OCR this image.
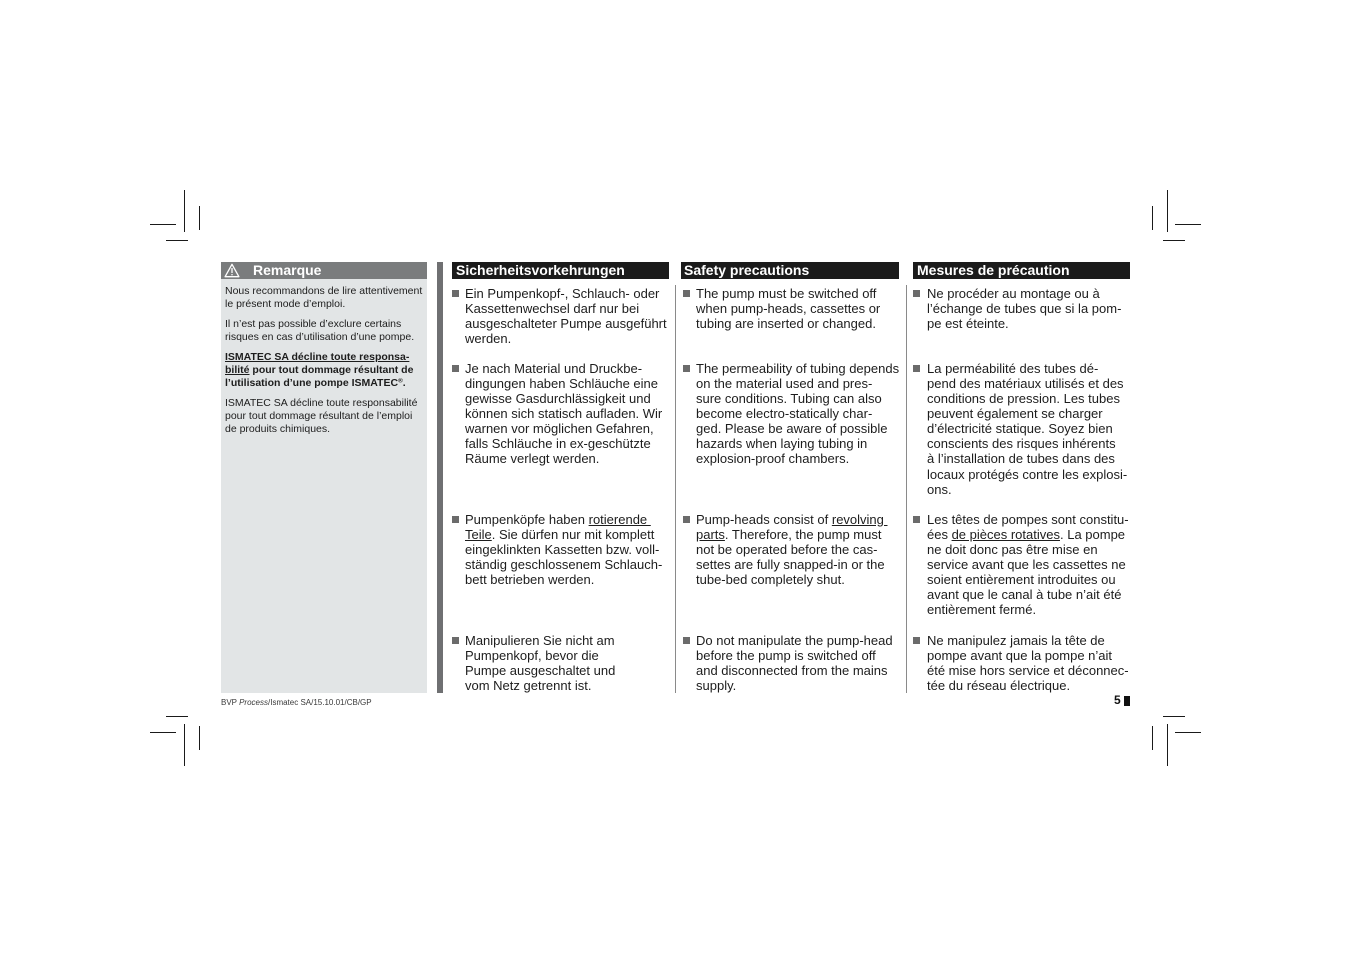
Remarque

Nous recommandons de lire attentivement
le présent mode d’emploi.

Il n’est pas possible d’exclure certains
risques en cas d’utilisation d’une pompe.

ISMATEC SA décline toute responsa-
bilité pour tout dommage résultant de
l’utilisation d’une pompe ISMATEC®.

ISMATEC SA décline toute responsabilité
pour tout dommage résultant de l’emploi
de produits chimiques.

Sicherheitsvorkehrungen
Ein Pumpenkopf-, Schlauch- oder
Kassettenwechsel darf nur bei
ausgeschalteter Pumpe ausgeführt
werden.
Je nach Material und Druckbe-
dingungen haben Schläuche eine
gewisse Gasdurchlässigkeit und
können sich statisch aufladen. Wir
warnen vor möglichen Gefahren,
falls Schläuche in ex-geschützte
Räume verlegt werden.
Pumpenköpfe haben rotierende
Teile. Sie dürfen nur mit komplett
eingeklinkten Kassetten bzw. voll-
ständig geschlossenem Schlauch-
bett betrieben werden.
Manipulieren Sie nicht am
Pumpenkopf, bevor die
Pumpe ausgeschaltet und
vom Netz getrennt ist.
Safety precautions
The pump must be switched off
when pump-heads, cassettes or
tubing are inserted or changed.
The permeability of tubing depends
on the material used and pres-
sure conditions. Tubing can also
become electro-statically char-
ged. Please be aware of possible
hazards when laying tubing in
explosion-proof chambers.
Pump-heads consist of revolving
parts. Therefore, the pump must
not be operated before the cas-
settes are fully snapped-in or the
tube-bed completely shut.
Do not manipulate the pump-head
before the pump is switched off
and disconnected from the mains
supply.
Mesures de précaution
Ne procéder au montage ou à
l’échange de tubes que si la pom-
pe est éteinte.
La perméabilité des tubes dé-
pend des matériaux utilisés et des
conditions de pression. Les tubes
peuvent également se charger
d’électricité statique. Soyez bien
conscients des risques inhérents
à l’installation de tubes dans des
locaux protégés contre les explosi-
ons.
Les têtes de pompes sont constitu-
ées de pièces rotatives. La pompe
ne doit donc pas être mise en
service avant que les cassettes ne
soient entièrement introduites ou
avant que le canal à tube n’ait été
entièrement fermé.
Ne manipulez jamais la tête de
pompe avant que la pompe n’ait
été mise hors service et déconnec-
tée du réseau électrique.
BVP Process/Ismatec SA/15.10.01/CB/GP	5
